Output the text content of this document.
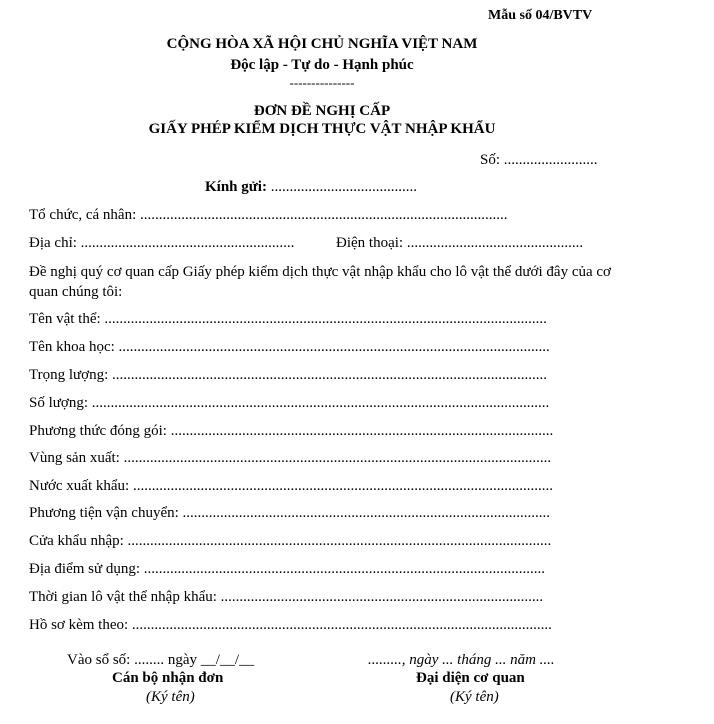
Mẫu số 04/BVTV
CỘNG HÒA XÃ HỘI CHỦ NGHĨA VIỆT NAM
Độc lập - Tự do - Hạnh phúc
---------------
ĐƠN ĐỀ NGHỊ CẤP
GIẤY PHÉP KIỂM DỊCH THỰC VẬT NHẬP KHẨU
Số: .........................
Kính gửi: .......................................
Tổ chức, cá nhân: ..................................................................................................
Địa chỉ: .........................................................	Điện thoại: ...............................................
Đề nghị quý cơ quan cấp Giấy phép kiểm dịch thực vật nhập khẩu cho lô vật thể dưới đây của cơ quan chúng tôi:
Tên vật thể: ......................................................................................................................
Tên khoa học: ...................................................................................................................
Trọng lượng: ....................................................................................................................
Số lượng: ..........................................................................................................................
Phương thức đóng gói: ......................................................................................................
Vùng sản xuất: ..................................................................................................................
Nước xuất khẩu: ................................................................................................................
Phương tiện vận chuyển: ..................................................................................................
Cửa khẩu nhập: .................................................................................................................
Địa điểm sử dụng: ...........................................................................................................
Thời gian lô vật thể nhập khẩu: ......................................................................................
Hồ sơ kèm theo: ................................................................................................................
Vào sổ số: ........ ngày __/__/__	........., ngày ... tháng ... năm ....
Cán bộ nhận đơn
(Ký tên)
Đại diện cơ quan
(Ký tên)
